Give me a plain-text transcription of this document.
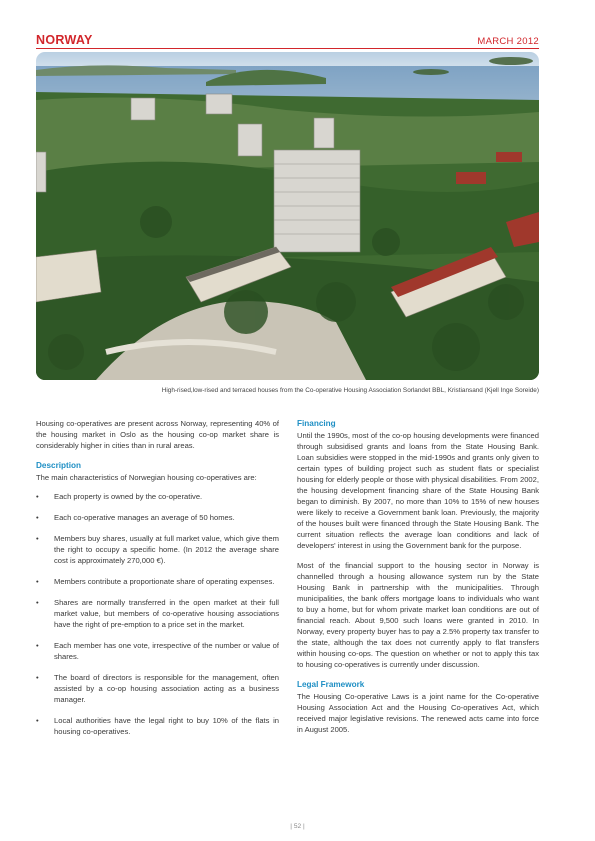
NORWAY	MARCH 2012
High-rised,low-rised and terraced houses from the Co-operative Housing Association Sorlandet BBL, Kristiansand (Kjell Inge Soreide)

Housing co-operatives are present across Norway, representing 40% of the housing market in Oslo as the housing co-op market share is considerably higher in cities than in rural areas.

Description
The main characteristics of Norwegian housing co-operatives are:
• Each property is owned by the co-operative.
• Each co-operative manages an average of 50 homes.
• Members buy shares, usually at full market value, which give them the right to occupy a specific home. (In 2012 the average share cost is approximately 270,000 €).
• Members contribute a proportionate share of operating expenses.
• Shares are normally transferred in the open market at their full market value, but members of co-operative housing associations have the right of pre-emption to a price set in the market.
• Each member has one vote, irrespective of the number or value of shares.
• The board of directors is responsible for the management, often assisted by a co-op housing association acting as a business manager.
• Local authorities have the legal right to buy 10% of the flats in housing co-operatives.
Financing

Until the 1990s, most of the co-op housing developments were financed through subsidised grants and loans from the State Housing Bank. Loan subsidies were stopped in the mid-1990s and grants only given to certain types of building project such as student flats or specialist housing for elderly people or those with physical disabilities. From 2002, the housing development financing share of the State Housing Bank began to diminish. By 2007, no more than 10% to 15% of new houses were likely to receive a Government bank loan. Previously, the majority of the houses built were financed through the State Housing Bank. The current situation reflects the average loan conditions and lack of developers' interest in using the Government bank for the purpose.

Most of the financial support to the housing sector in Norway is channelled through a housing allowance system run by the State Housing Bank in partnership with the municipalities. Through municipalities, the bank offers mortgage loans to individuals who want to buy a home, but for whom private market loan conditions are out of financial reach. About 9,500 such loans were granted in 2010. In Norway, every property buyer has to pay a 2.5% property tax transfer to the state, although the tax does not currently apply to flat transfers within housing co-ops. The question on whether or not to apply this tax to housing co-operatives is currently under discussion.

Legal Framework

The Housing Co-operative Laws is a joint name for the Co-operative Housing Association Act and the Housing Co-operatives Act, which received major legislative revisions. The renewed acts came into force in August 2005.

| 52 |
